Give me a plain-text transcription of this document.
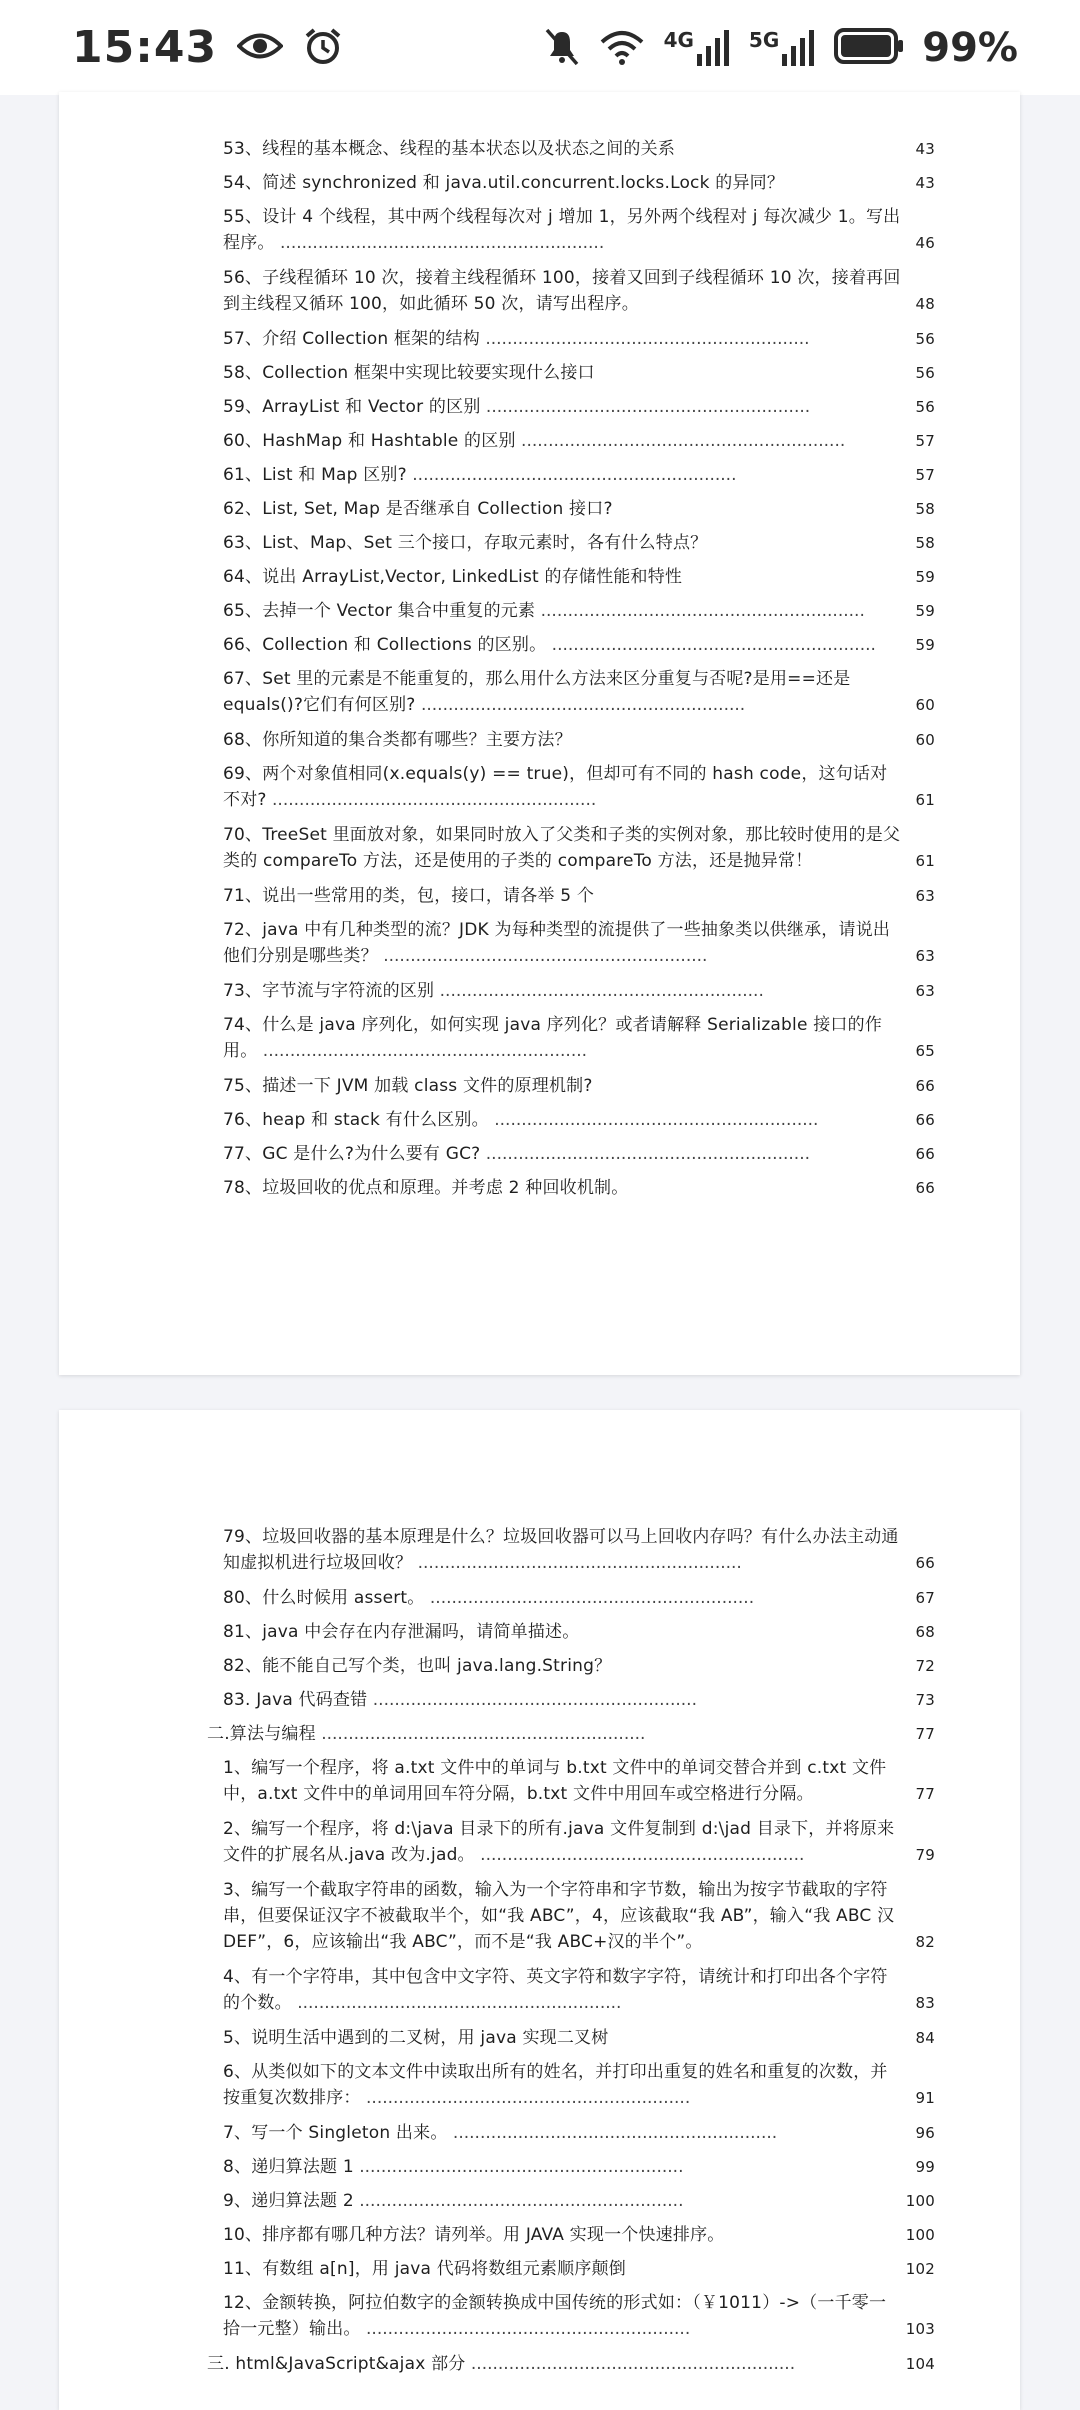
15:43	4G	5G	99%
53、线程的基本概念、线程的基本状态以及状态之间的关系	43
54、简述 synchronized 和 java.util.concurrent.locks.Lock 的异同？	43
55、设计 4 个线程，其中两个线程每次对 j 增加 1，另外两个线程对 j 每次减少 1。写出程序。 ............................................................	46
56、子线程循环 10 次，接着主线程循环 100，接着又回到子线程循环 10 次，接着再回到主线程又循环 100，如此循环 50 次，请写出程序。	48
57、介绍 Collection 框架的结构 ............................................................	56
58、Collection 框架中实现比较要实现什么接口	56
59、ArrayList 和 Vector 的区别 ............................................................	56
60、HashMap 和 Hashtable 的区别 ............................................................	57
61、List 和 Map 区别? ............................................................	57
62、List, Set, Map 是否继承自 Collection 接口?	58
63、List、Map、Set 三个接口，存取元素时，各有什么特点？	58
64、说出 ArrayList,Vector, LinkedList 的存储性能和特性	59
65、去掉一个 Vector 集合中重复的元素 ............................................................	59
66、Collection 和 Collections 的区别。 ............................................................	59
67、Set 里的元素是不能重复的，那么用什么方法来区分重复与否呢?是用==还是equals()?它们有何区别? ............................................................	60
68、你所知道的集合类都有哪些？主要方法？	60
69、两个对象值相同(x.equals(y) == true)，但却可有不同的 hash code，这句话对不对? ............................................................	61
70、TreeSet 里面放对象，如果同时放入了父类和子类的实例对象，那比较时使用的是父类的 compareTo 方法，还是使用的子类的 compareTo 方法，还是抛异常！	61
71、说出一些常用的类，包，接口，请各举 5 个	63
72、java 中有几种类型的流？JDK 为每种类型的流提供了一些抽象类以供继承，请说出他们分别是哪些类？ ............................................................	63
73、字节流与字符流的区别 ............................................................	63
74、什么是 java 序列化，如何实现 java 序列化？或者请解释 Serializable 接口的作用。 ............................................................	65
75、描述一下 JVM 加载 class 文件的原理机制?	66
76、heap 和 stack 有什么区别。 ............................................................	66
77、GC 是什么?为什么要有 GC? ............................................................	66
78、垃圾回收的优点和原理。并考虑 2 种回收机制。	66
79、垃圾回收器的基本原理是什么？垃圾回收器可以马上回收内存吗？有什么办法主动通知虚拟机进行垃圾回收？ ............................................................	66
80、什么时候用 assert。 ............................................................	67
81、java 中会存在内存泄漏吗，请简单描述。	68
82、能不能自己写个类，也叫 java.lang.String？	72
83. Java 代码查错 ............................................................	73
二.算法与编程 ............................................................	77
1、编写一个程序，将 a.txt 文件中的单词与 b.txt 文件中的单词交替合并到 c.txt 文件中，a.txt 文件中的单词用回车符分隔，b.txt 文件中用回车或空格进行分隔。	77
2、编写一个程序，将 d:\java 目录下的所有.java 文件复制到 d:\jad 目录下，并将原来文件的扩展名从.java 改为.jad。 ............................................................	79
3、编写一个截取字符串的函数，输入为一个字符串和字节数，输出为按字节截取的字符串，但要保证汉字不被截取半个，如“我 ABC”，4，应该截取“我 AB”，输入“我 ABC 汉 DEF”，6，应该输出“我 ABC”，而不是“我 ABC+汉的半个”。	82
4、有一个字符串，其中包含中文字符、英文字符和数字字符，请统计和打印出各个字符的个数。 ............................................................	83
5、说明生活中遇到的二叉树，用 java 实现二叉树	84
6、从类似如下的文本文件中读取出所有的姓名，并打印出重复的姓名和重复的次数，并按重复次数排序： ............................................................	91
7、写一个 Singleton 出来。 ............................................................	96
8、递归算法题 1 ............................................................	99
9、递归算法题 2 ............................................................	100
10、排序都有哪几种方法？请列举。用 JAVA 实现一个快速排序。	100
11、有数组 a[n]，用 java 代码将数组元素顺序颠倒	102
12、金额转换，阿拉伯数字的金额转换成中国传统的形式如：（￥1011）->（一千零一拾一元整）输出。 ............................................................	103
三. html&JavaScript&ajax 部分 ............................................................	104
